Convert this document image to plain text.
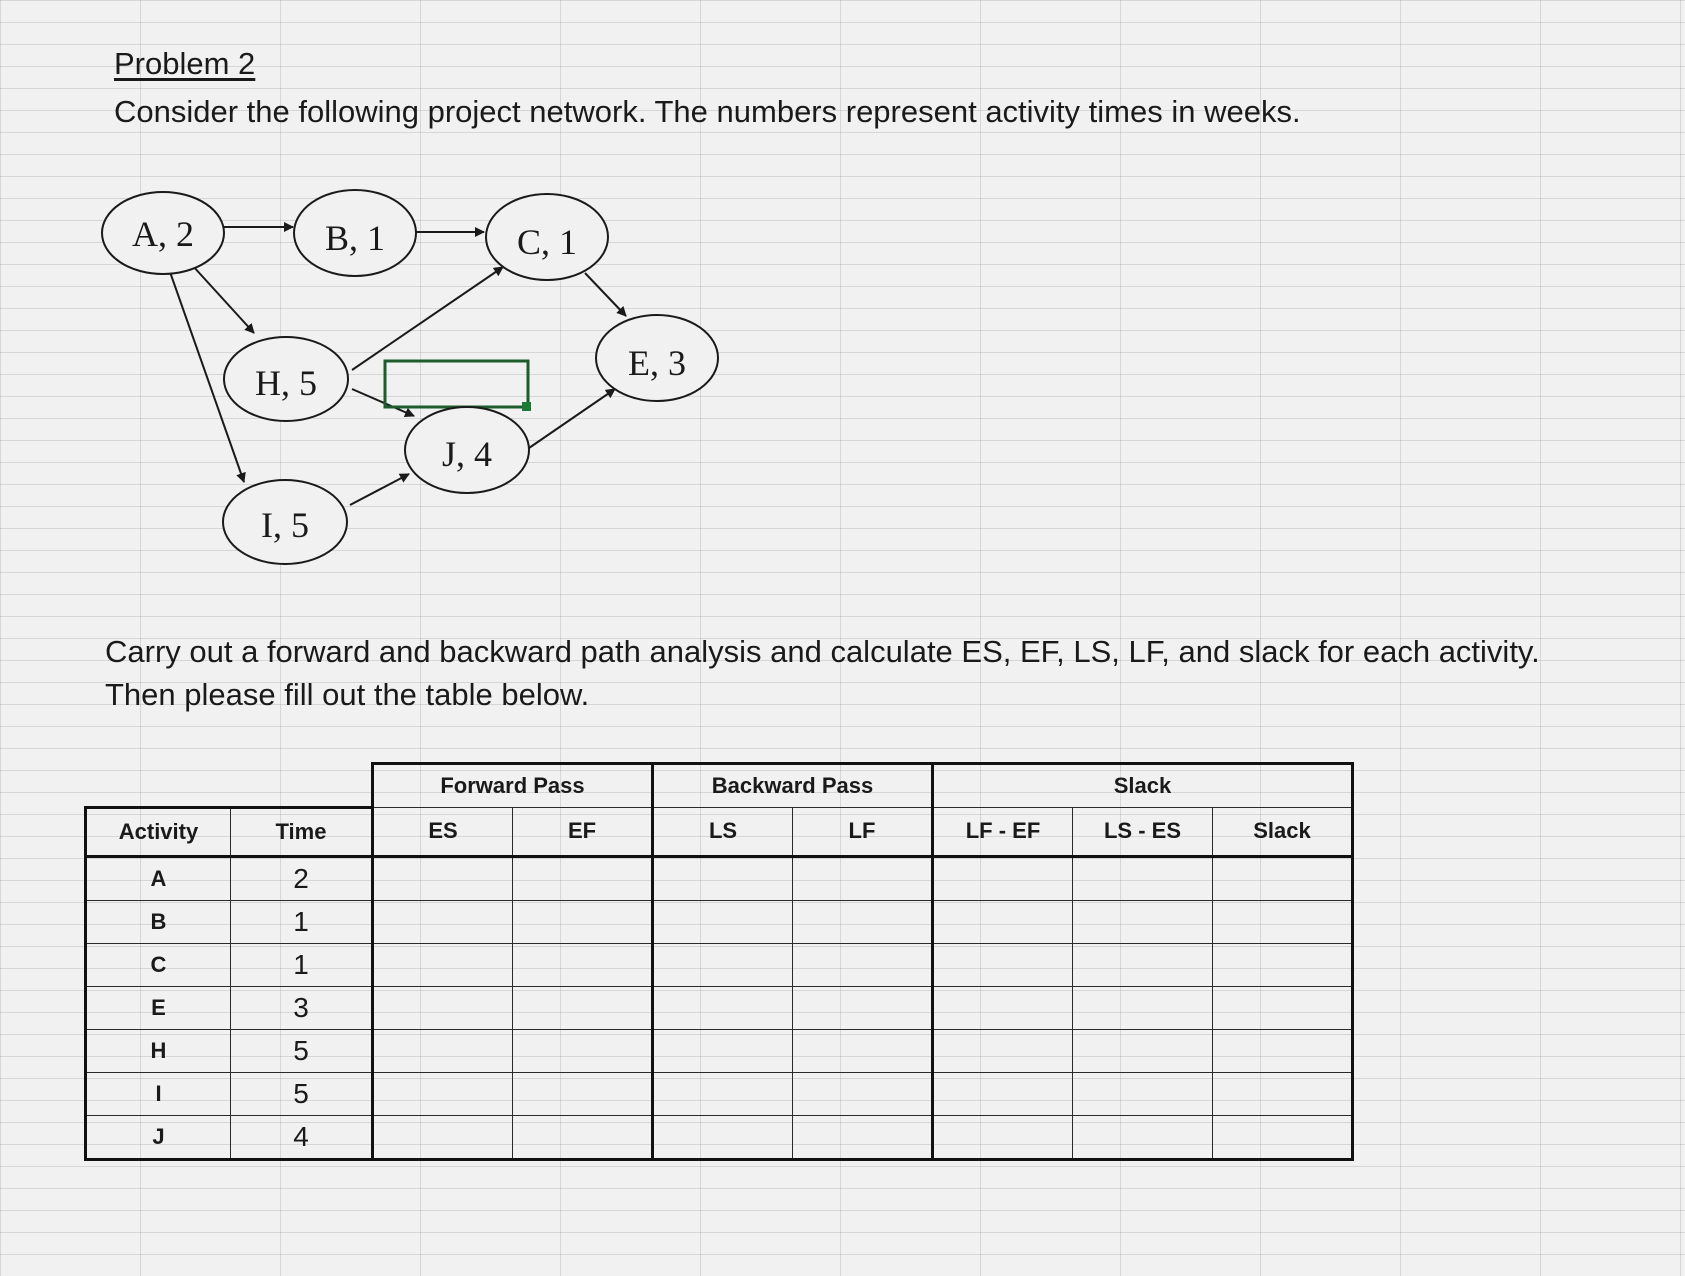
Problem 2
Consider the following project network. The numbers represent activity times in weeks.
A, 2	B, 1	C, 1
E, 3
H, 5
J, 4
I, 5
Carry out a forward and backward path analysis and calculate ES, EF, LS, LF, and slack for each activity.
Then please fill out the table below.
		Forward Pass		Backward Pass		Slack		
Activity	Time	ES	EF	LS	LF	LF - EF	LS - ES	Slack
A	2							
B	1							
C	1							
E	3							
H	5							
I	5							
J	4							
